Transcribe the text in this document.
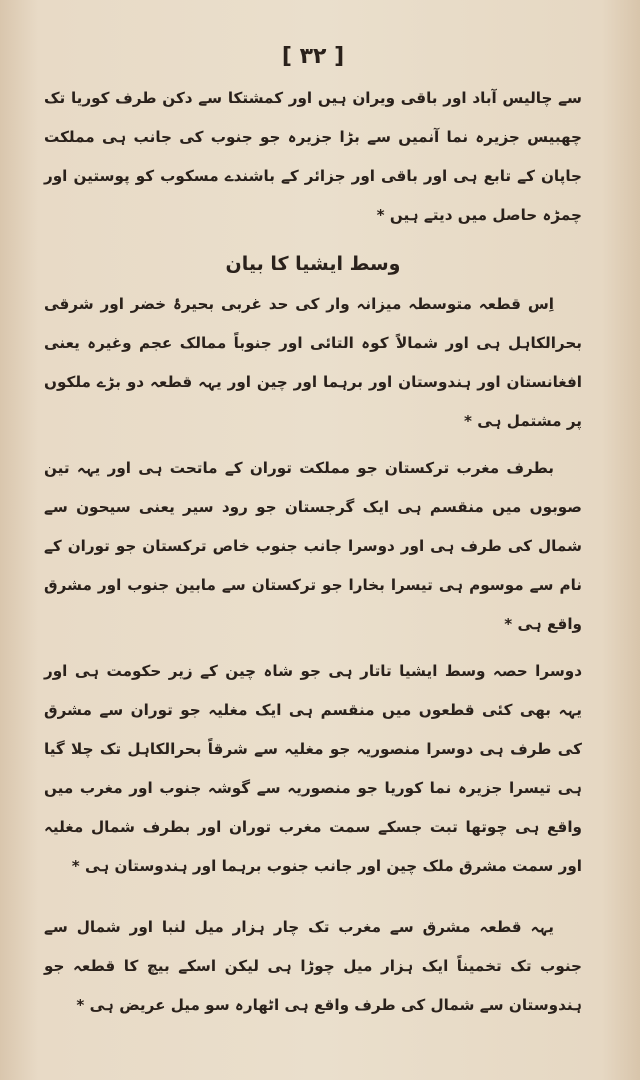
[ ٣٢ ]

سے چالیس آباد اور باقی ویران ہیں اور کمشتکا سے دکن طرف کوریا تک چھبیس جزیرہ نما آنمیں سے بڑا جزیرہ جو جنوب کی جانب ہی مملکت جاپان کے تابع ہی اور باقی اور جزائر کے باشندے مسکوب کو پوستین اور چمڑہ حاصل میں دیتے ہیں *

وسط ایشیا کا بیان

اِس قطعہ متوسطہ میزانہ وار کی حد غربی بحیرۂ خضر اور شرقی بحرالکاہل ہی اور شمالاً کوہ التائی اور جنوباً ممالک عجم وغیرہ یعنی افغانستان اور ہندوستان اور برہما اور چین اور یہہ قطعہ دو بڑے ملکوں پر مشتمل ہی *

بطرف مغرب ترکستان جو مملکت توران کے ماتحت ہی اور یہہ تین صوبوں میں منقسم ہی ایک گرجستان جو رود سیر یعنی سیحون سے شمال کی طرف ہی اور دوسرا جانب جنوب خاص ترکستان جو توران کے نام سے موسوم ہی تیسرا بخارا جو ترکستان سے مابین جنوب اور مشرق واقع ہی *

دوسرا حصہ وسط ایشیا تاتار ہی جو شاہ چین کے زیر حکومت ہی اور یہہ بھی کئی قطعوں میں منقسم ہی ایک مغلیہ جو توران سے مشرق کی طرف ہی دوسرا منصوریہ جو مغلیہ سے شرقاً بحرالکاہل تک چلا گیا ہی تیسرا جزیرہ نما کوریا جو منصوریہ سے گوشہ جنوب اور مغرب میں واقع ہی چوتھا تبت جسکے سمت مغرب توران اور بطرف شمال مغلیہ اور سمت مشرق ملک چین اور جانب جنوب برہما اور ہندوستان ہی *

یہہ قطعہ مشرق سے مغرب تک چار ہزار میل لنبا اور شمال سے جنوب تک تخمیناً ایک ہزار میل چوڑا ہی لیکن اسکے بیچ کا قطعہ جو ہندوستان سے شمال کی طرف واقع ہی اٹھارہ سو میل عریض ہی *
